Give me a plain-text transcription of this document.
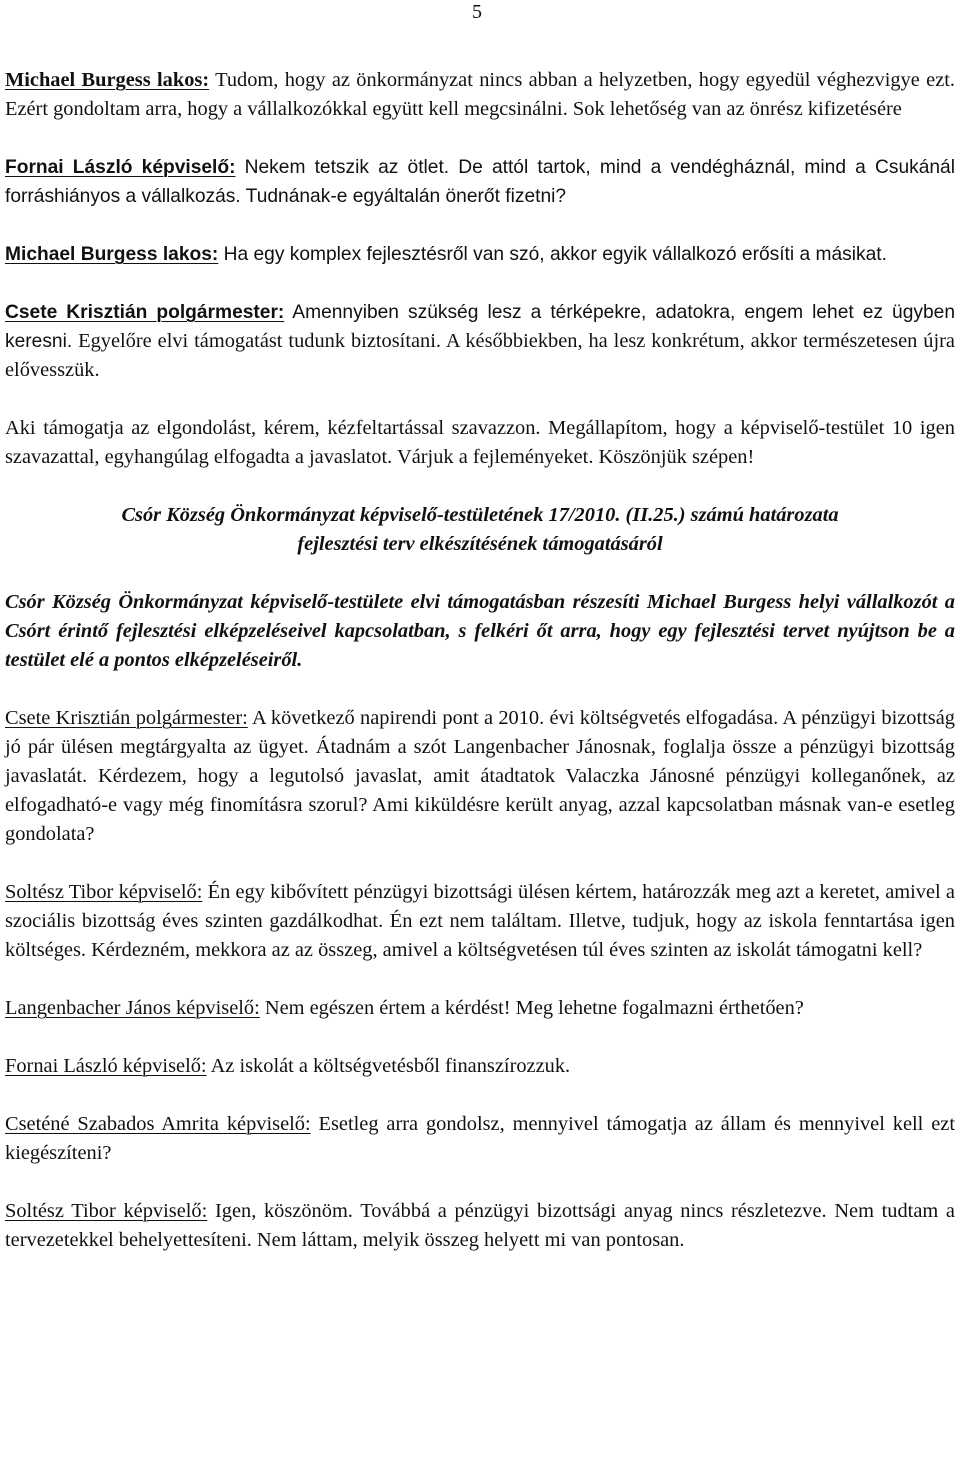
5

Michael Burgess lakos: Tudom, hogy az önkormányzat nincs abban a helyzetben, hogy egyedül véghezvigye ezt. Ezért gondoltam arra, hogy a vállalkozókkal együtt kell megcsinálni. Sok lehetőség van az önrész kifizetésére

Fornai László képviselő: Nekem tetszik az ötlet. De attól tartok, mind a vendégháznál, mind a Csukánál forráshiányos a vállalkozás. Tudnának-e egyáltalán önerőt fizetni?

Michael Burgess lakos: Ha egy komplex fejlesztésről van szó, akkor egyik vállalkozó erősíti a másikat.

Csete Krisztián polgármester: Amennyiben szükség lesz a térképekre, adatokra, engem lehet ez ügyben keresni. Egyelőre elvi támogatást tudunk biztosítani. A későbbiekben, ha lesz konkrétum, akkor természetesen újra elővesszük.

Aki támogatja az elgondolást, kérem, kézfeltartással szavazzon. Megállapítom, hogy a képviselő-testület 10 igen szavazattal, egyhangúlag elfogadta a javaslatot. Várjuk a fejleményeket. Köszönjük szépen!

Csór Község Önkormányzat képviselő-testületének 17/2010. (II.25.) számú határozata
fejlesztési terv elkészítésének támogatásáról

Csór Község Önkormányzat képviselő-testülete elvi támogatásban részesíti Michael Burgess helyi vállalkozót a Csórt érintő fejlesztési elképzeléseivel kapcsolatban, s felkéri őt arra, hogy egy fejlesztési tervet nyújtson be a testület elé a pontos elképzeléseiről.

Csete Krisztián polgármester: A következő napirendi pont a 2010. évi költségvetés elfogadása. A pénzügyi bizottság jó pár ülésen megtárgyalta az ügyet. Átadnám a szót Langenbacher Jánosnak, foglalja össze a pénzügyi bizottság javaslatát. Kérdezem, hogy a legutolsó javaslat, amit átadtatok Valaczka Jánosné pénzügyi kolleganőnek, az elfogadható-e vagy még finomításra szorul? Ami kiküldésre került anyag, azzal kapcsolatban másnak van-e esetleg gondolata?

Soltész Tibor képviselő: Én egy kibővített pénzügyi bizottsági ülésen kértem, határozzák meg azt a keretet, amivel a szociális bizottság éves szinten gazdálkodhat. Én ezt nem találtam. Illetve, tudjuk, hogy az iskola fenntartása igen költséges. Kérdezném, mekkora az az összeg, amivel a költségvetésen túl éves szinten az iskolát támogatni kell?

Langenbacher János képviselő: Nem egészen értem a kérdést! Meg lehetne fogalmazni érthetően?

Fornai László képviselő: Az iskolát a költségvetésből finanszírozzuk.

Cseténé Szabados Amrita képviselő: Esetleg arra gondolsz, mennyivel támogatja az állam és mennyivel kell ezt kiegészíteni?

Soltész Tibor képviselő: Igen, köszönöm. Továbbá a pénzügyi bizottsági anyag nincs részletezve. Nem tudtam a tervezetekkel behelyettesíteni. Nem láttam, melyik összeg helyett mi van pontosan.
